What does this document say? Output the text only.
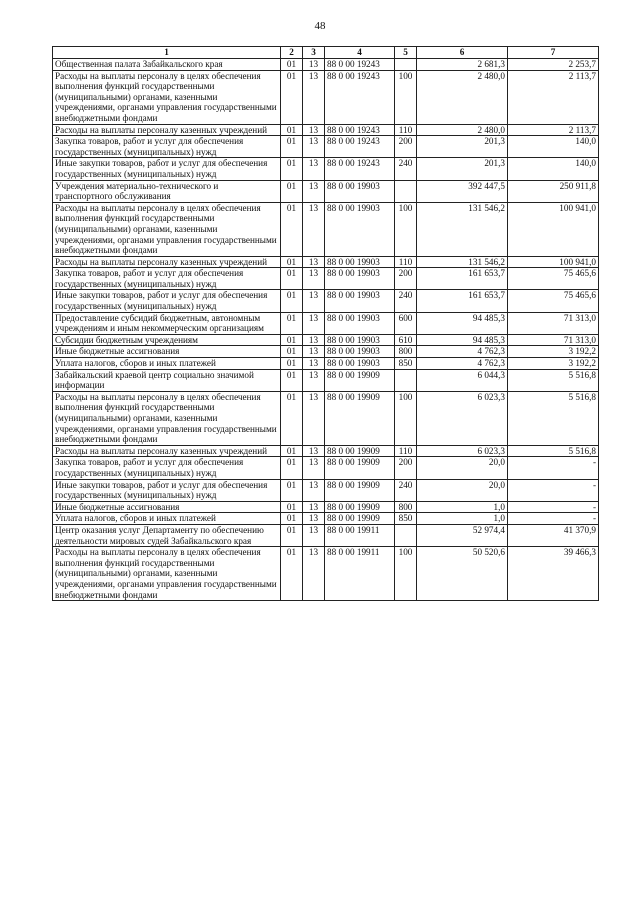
48
1	2	3	4	5	6	7
Общественная палата Забайкальского края	01	13	88 0 00 19243		2 681,3	2 253,7
Расходы на выплаты персоналу в целях обеспечения выполнения функций государственными (муниципальными) органами, казенными учреждениями, органами управления государственными внебюджетными фондами	01	13	88 0 00 19243	100	2 480,0	2 113,7
Расходы на выплаты персоналу казенных учреждений	01	13	88 0 00 19243	110	2 480,0	2 113,7
Закупка товаров, работ и услуг для обеспечения государственных (муниципальных) нужд	01	13	88 0 00 19243	200	201,3	140,0
Иные закупки товаров, работ и услуг для обеспечения государственных (муниципальных) нужд	01	13	88 0 00 19243	240	201,3	140,0
Учреждения материально-технического и транспортного обслуживания	01	13	88 0 00 19903		392 447,5	250 911,8
Расходы на выплаты персоналу в целях обеспечения выполнения функций государственными (муниципальными) органами, казенными учреждениями, органами управления государственными внебюджетными фондами	01	13	88 0 00 19903	100	131 546,2	100 941,0
Расходы на выплаты персоналу казенных учреждений	01	13	88 0 00 19903	110	131 546,2	100 941,0
Закупка товаров, работ и услуг для обеспечения государственных (муниципальных) нужд	01	13	88 0 00 19903	200	161 653,7	75 465,6
Иные закупки товаров, работ и услуг для обеспечения государственных (муниципальных) нужд	01	13	88 0 00 19903	240	161 653,7	75 465,6
Предоставление субсидий бюджетным, автономным учреждениям и иным некоммерческим организациям	01	13	88 0 00 19903	600	94 485,3	71 313,0
Субсидии бюджетным учреждениям	01	13	88 0 00 19903	610	94 485,3	71 313,0
Иные бюджетные ассигнования	01	13	88 0 00 19903	800	4 762,3	3 192,2
Уплата налогов, сборов и иных платежей	01	13	88 0 00 19903	850	4 762,3	3 192,2
Забайкальский краевой центр социально значимой информации	01	13	88 0 00 19909		6 044,3	5 516,8
Расходы на выплаты персоналу в целях обеспечения выполнения функций государственными (муниципальными) органами, казенными учреждениями, органами управления государственными внебюджетными фондами	01	13	88 0 00 19909	100	6 023,3	5 516,8
Расходы на выплаты персоналу казенных учреждений	01	13	88 0 00 19909	110	6 023,3	5 516,8
Закупка товаров, работ и услуг для обеспечения государственных (муниципальных) нужд	01	13	88 0 00 19909	200	20,0	-
Иные закупки товаров, работ и услуг для обеспечения государственных (муниципальных) нужд	01	13	88 0 00 19909	240	20,0	-
Иные бюджетные ассигнования	01	13	88 0 00 19909	800	1,0	-
Уплата налогов, сборов и иных платежей	01	13	88 0 00 19909	850	1,0	-
Центр оказания услуг Департаменту по обеспечению деятельности мировых судей Забайкальского края	01	13	88 0 00 19911		52 974,4	41 370,9
Расходы на выплаты персоналу в целях обеспечения выполнения функций государственными (муниципальными) органами, казенными учреждениями, органами управления государственными внебюджетными фондами	01	13	88 0 00 19911	100	50 520,6	39 466,3
